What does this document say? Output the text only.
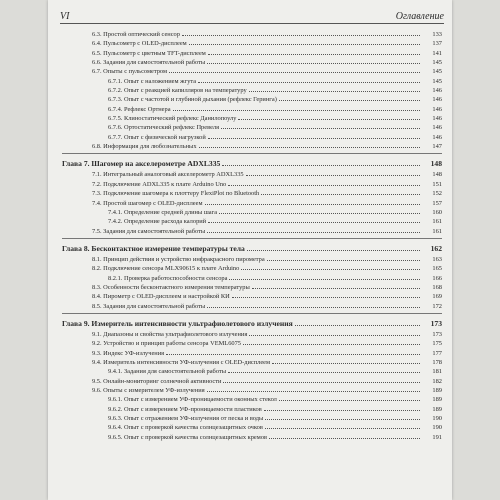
VI	Оглавление
6.3. Простой оптический сенсор	133
6.4. Пульсометр с OLED-дисплеем	137
6.5. Пульсометр с цветным TFT-дисплеем	141
6.6. Задания для самостоятельной работы	145
6.7. Опыты с пульсометром	145
6.7.1. Опыт с наложением жгута	145
6.7.2. Опыт с реакцией капилляров на температуру	146
6.7.3. Опыт с частотой и глубиной дыхания (рефлекс Геринга)	146
6.7.4. Рефлекс Ортнера	146
6.7.5. Клиностатический рефлекс Данилопоулу	146
6.7.6. Ортостатический рефлекс Превеля	146
6.7.7. Опыт с физической нагрузкой	146
6.8. Информация для любознательных	147
Глава 7. Шагомер на акселерометре ADXL335	148
7.1. Интегральный аналоговый акселерометр ADXL335	148
7.2. Подключение ADXL335 к плате Arduino Uno	151
7.3. Подключение шагомера к плоттеру FlexiPlot по Bluetooth	152
7.4. Простой шагомер с OLED-дисплеем	157
7.4.1. Определение средней длины шага	160
7.4.2. Определение расхода калорий	161
7.5. Задания для самостоятельной работы	161
Глава 8. Бесконтактное измерение температуры тела	162
8.1. Принцип действия и устройство инфракрасного пирометра	163
8.2. Подключение сенсора MLX90615 к плате Arduino	165
8.2.1. Проверка работоспособности сенсора	166
8.3. Особенности бесконтактного измерения температуры	168
8.4. Пирометр с OLED-дисплеем и настройкой КИ	169
8.5. Задания для самостоятельной работы	172
Глава 9. Измеритель интенсивности ультрафиолетового излучения	173
9.1. Диапазоны и свойства ультрафиолетового излучения	173
9.2. Устройство и принцип работы сенсора VEML6075	175
9.3. Индекс УФ-излучения	177
9.4. Измеритель интенсивности УФ-излучения с OLED-дисплеем	178
9.4.1. Задания для самостоятельной работы	181
9.5. Онлайн-мониторинг солнечной активности	182
9.6. Опыты с измерителем УФ-излучения	189
9.6.1. Опыт с измерением УФ-проницаемости оконных стекол	189
9.6.2. Опыт с измерением УФ-проницаемости пластиков	189
9.6.3. Опыт с отражением УФ-излучения от песка и воды	190
9.6.4. Опыт с проверкой качества солнцезащитных очков	190
9.6.5. Опыт с проверкой качества солнцезащитных кремов	191
